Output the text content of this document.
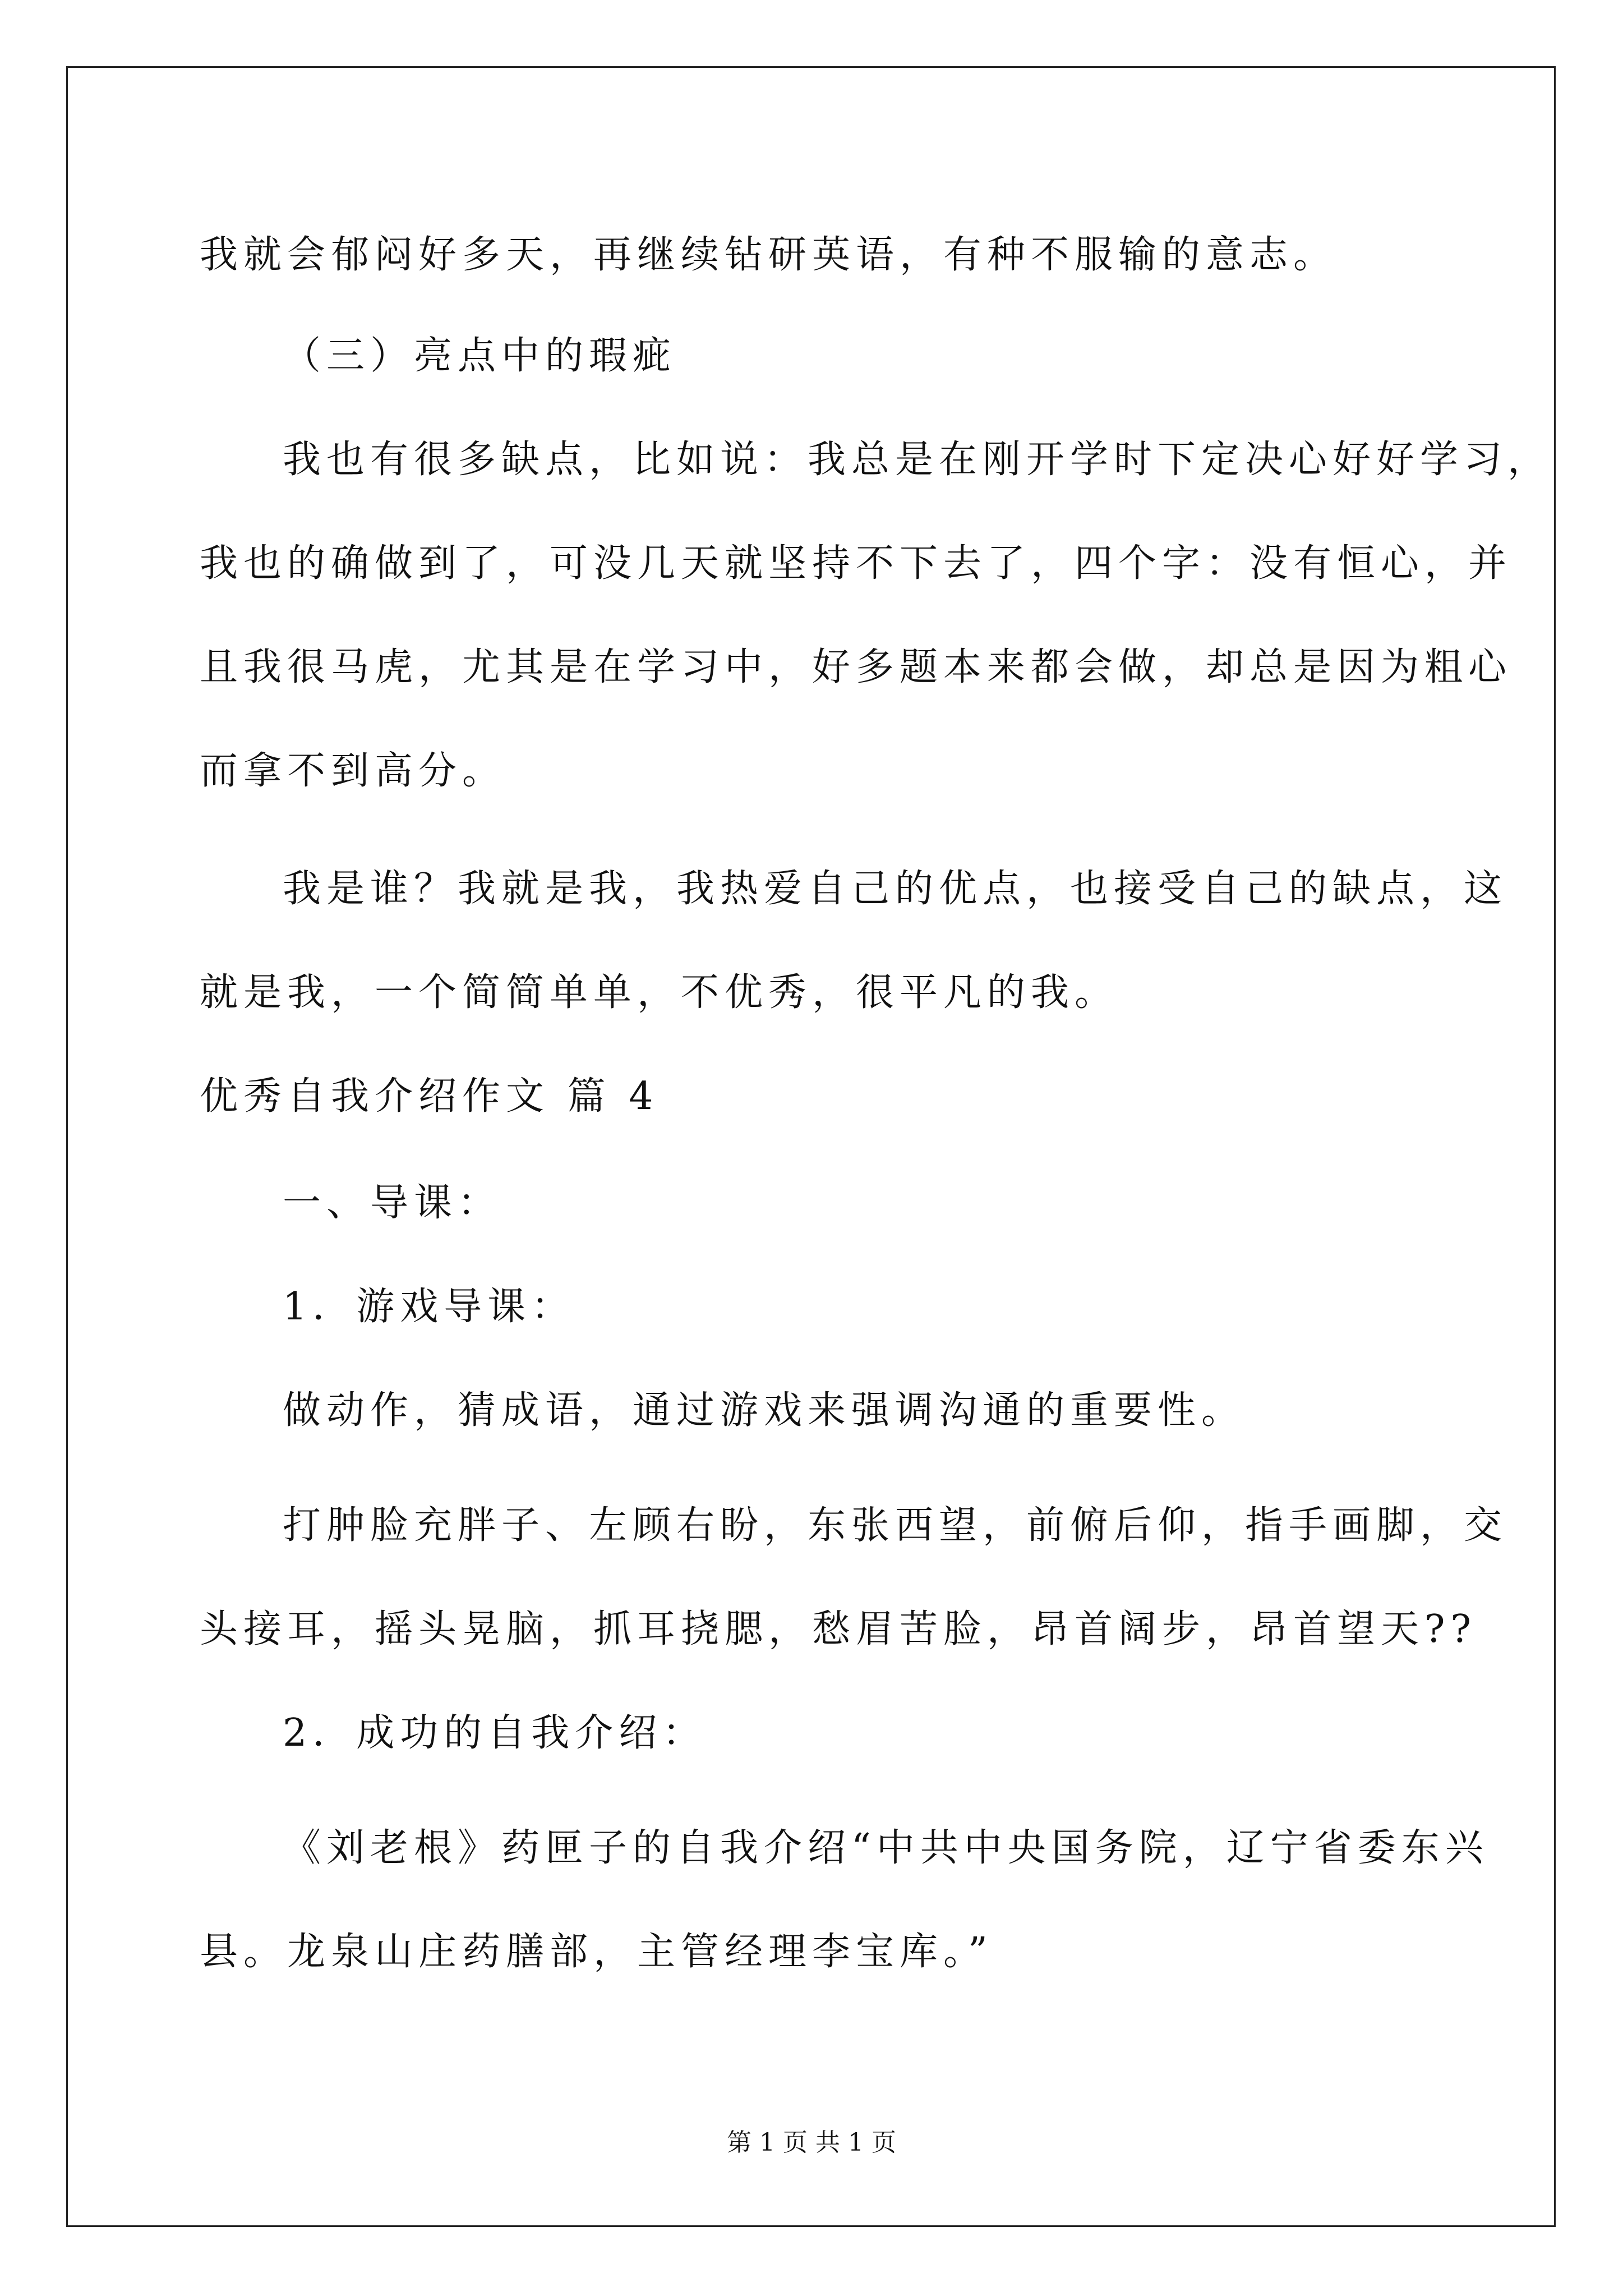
我就会郁闷好多天，再继续钻研英语，有种不服输的意志。
（三）亮点中的瑕疵
我也有很多缺点，比如说：我总是在刚开学时下定决心好好学习，
我也的确做到了，可没几天就坚持不下去了，四个字：没有恒心，并
且我很马虎，尤其是在学习中，好多题本来都会做，却总是因为粗心
而拿不到高分。
我是谁？我就是我，我热爱自己的优点，也接受自己的缺点，这
就是我，一个简简单单，不优秀，很平凡的我。
优秀自我介绍作文 篇 4
一、导课：
1．游戏导课：
做动作，猜成语，通过游戏来强调沟通的重要性。
打肿脸充胖子、左顾右盼，东张西望，前俯后仰，指手画脚，交
头接耳，摇头晃脑，抓耳挠腮，愁眉苦脸，昂首阔步，昂首望天??
2．成功的自我介绍：
《刘老根》药匣子的自我介绍“中共中央国务院，辽宁省委东兴
县。龙泉山庄药膳部，主管经理李宝库。”
第 1 页 共 1 页
